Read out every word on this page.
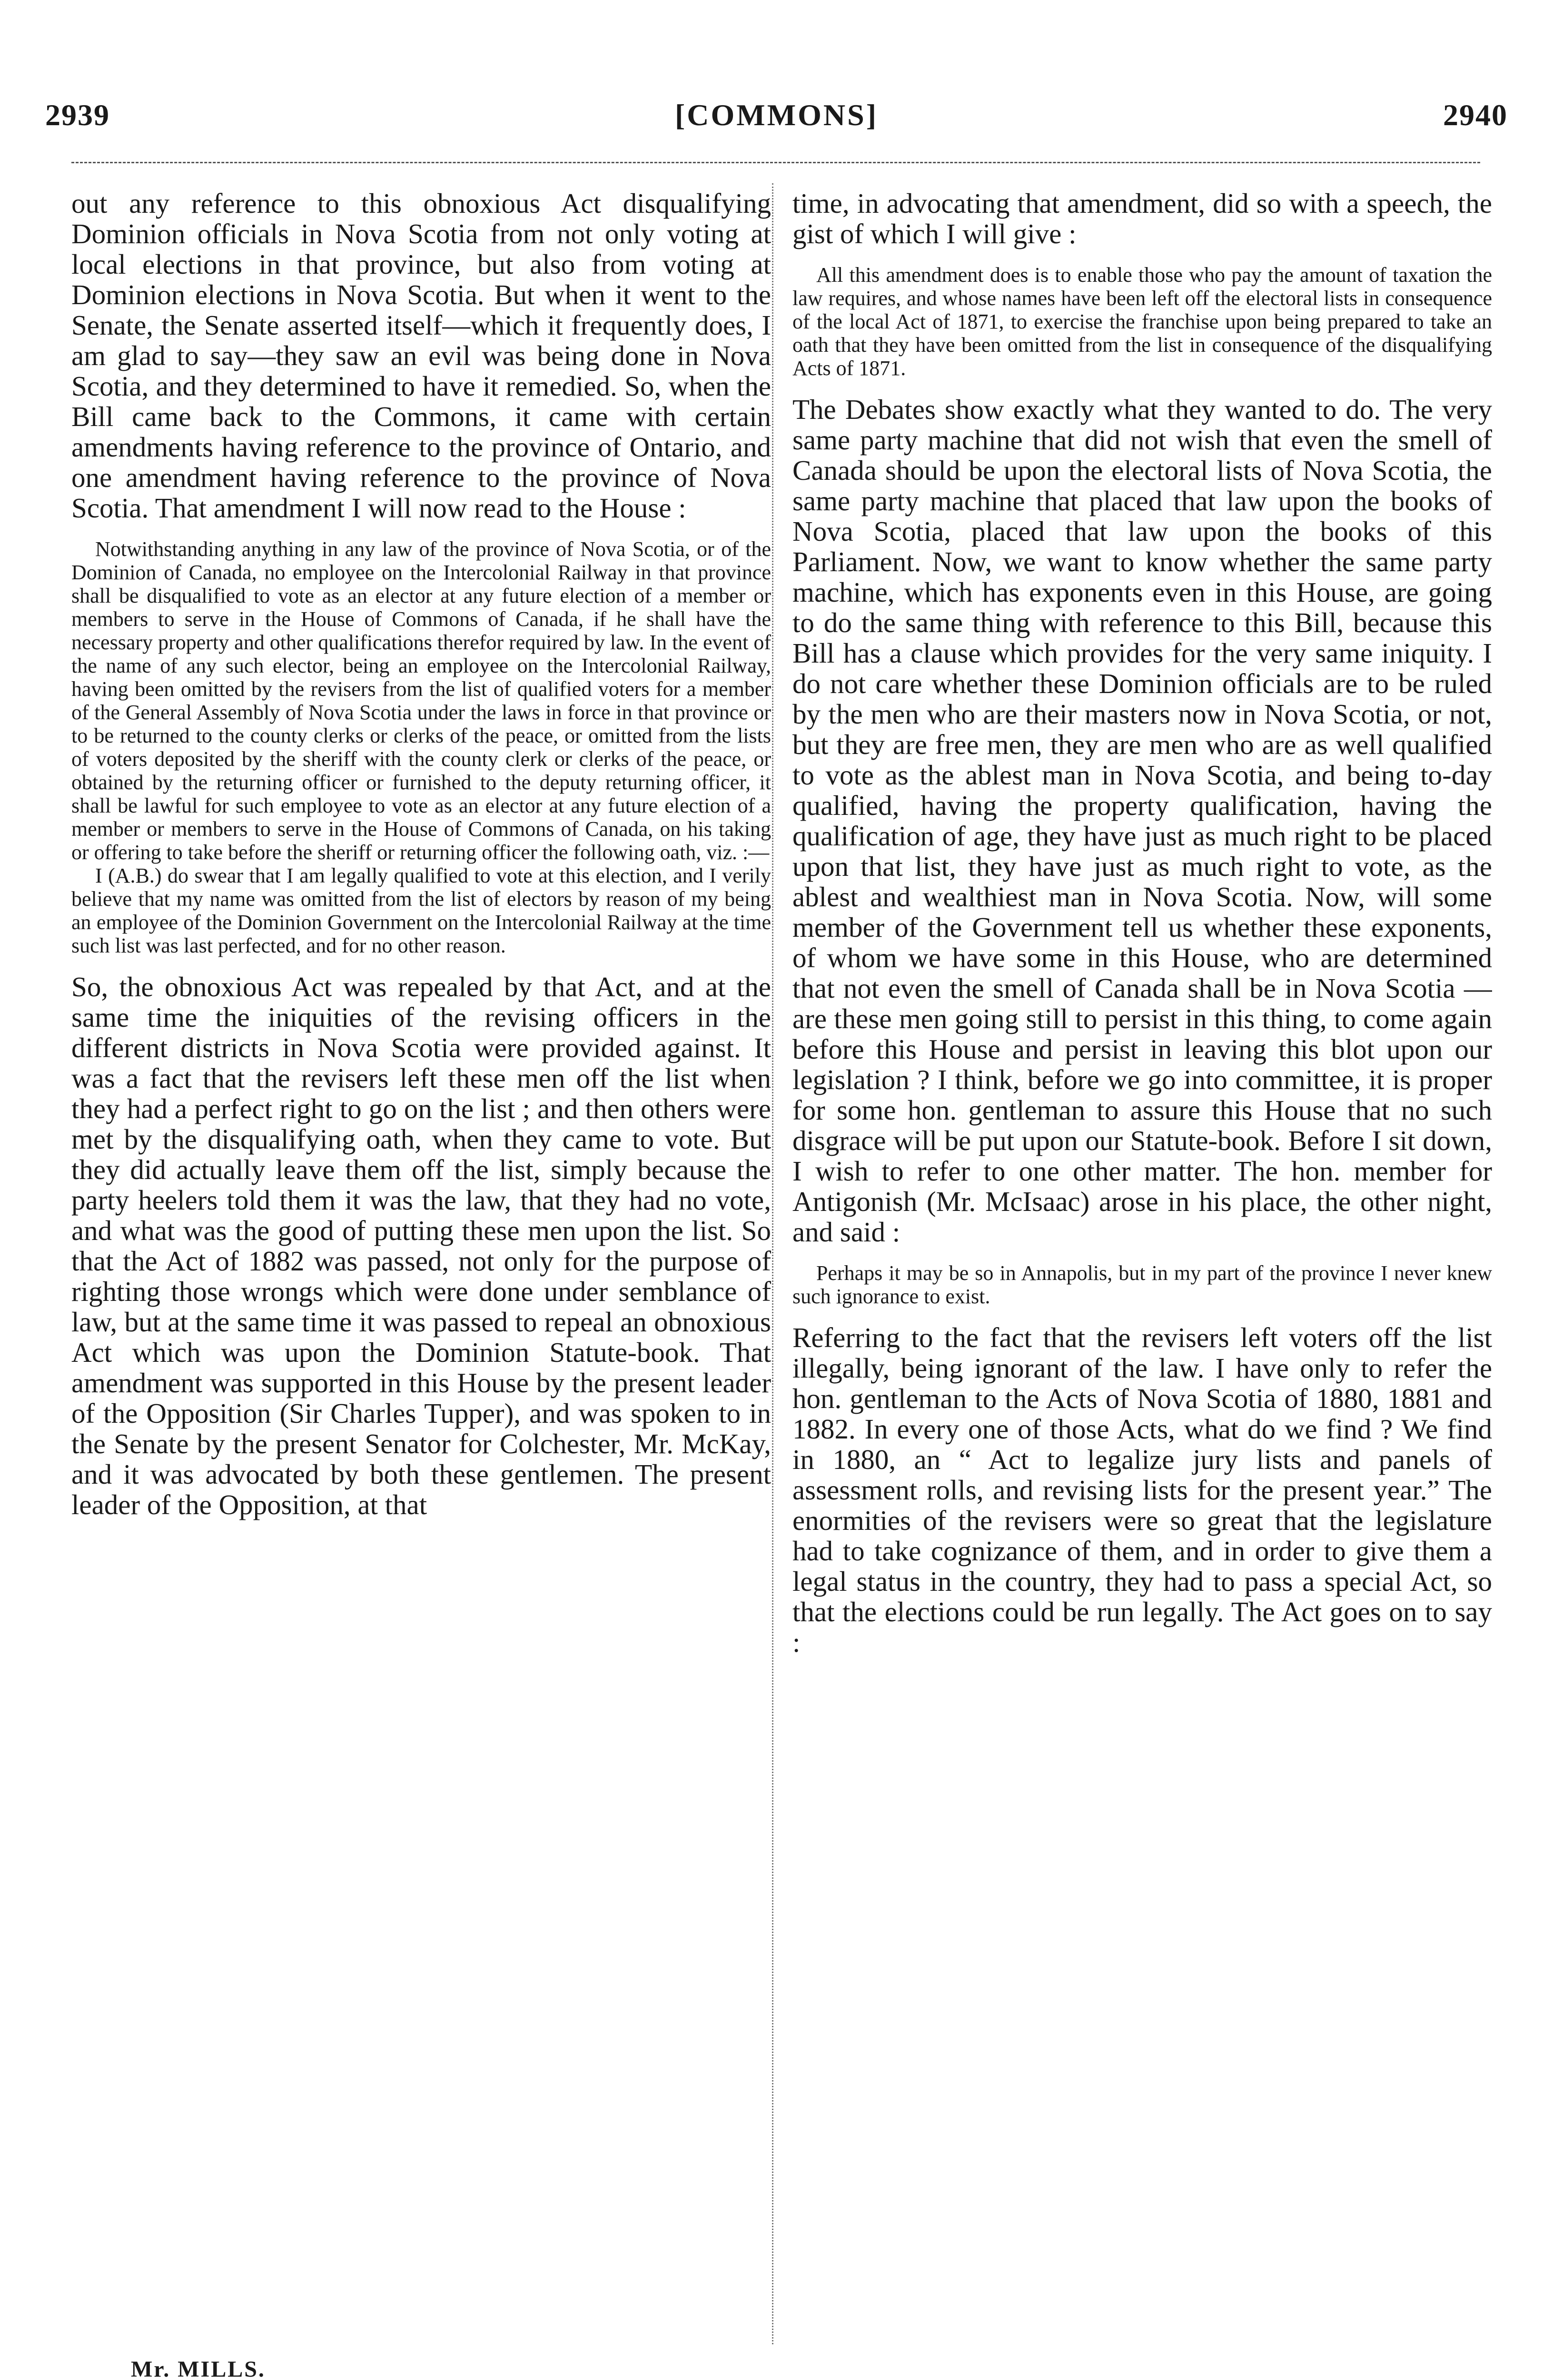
2939	[COMMONS]	2940

out any reference to this obnoxious Act disqualifying Dominion officials in Nova Scotia from not only voting at local elections in that province, but also from voting at Dominion elections in Nova Scotia. But when it went to the Senate, the Senate asserted itself—which it frequently does, I am glad to say—they saw an evil was being done in Nova Scotia, and they determined to have it remedied. So, when the Bill came back to the Commons, it came with certain amendments having reference to the province of Ontario, and one amendment having reference to the province of Nova Scotia. That amendment I will now read to the House :

Notwithstanding anything in any law of the province of Nova Scotia, or of the Dominion of Canada, no employee on the Intercolonial Railway in that province shall be disqualified to vote as an elector at any future election of a member or members to serve in the House of Commons of Canada, if he shall have the necessary property and other qualifications therefor required by law. In the event of the name of any such elector, being an employee on the Intercolonial Railway, having been omitted by the revisers from the list of qualified voters for a member of the General Assembly of Nova Scotia under the laws in force in that province or to be returned to the county clerks or clerks of the peace, or omitted from the lists of voters deposited by the sheriff with the county clerk or clerks of the peace, or obtained by the returning officer or furnished to the deputy returning officer, it shall be lawful for such employee to vote as an elector at any future election of a member or members to serve in the House of Commons of Canada, on his taking or offering to take before the sheriff or returning officer the following oath, viz. :—

I (A.B.) do swear that I am legally qualified to vote at this election, and I verily believe that my name was omitted from the list of electors by reason of my being an employee of the Dominion Government on the Intercolonial Railway at the time such list was last perfected, and for no other reason.

So, the obnoxious Act was repealed by that Act, and at the same time the iniquities of the revising officers in the different districts in Nova Scotia were provided against. It was a fact that the revisers left these men off the list when they had a perfect right to go on the list ; and then others were met by the disqualifying oath, when they came to vote. But they did actually leave them off the list, simply because the party heelers told them it was the law, that they had no vote, and what was the good of putting these men upon the list. So that the Act of 1882 was passed, not only for the purpose of righting those wrongs which were done under semblance of law, but at the same time it was passed to repeal an obnoxious Act which was upon the Dominion Statute-book. That amendment was supported in this House by the present leader of the Opposition (Sir Charles Tupper), and was spoken to in the Senate by the present Senator for Colchester, Mr. McKay, and it was advocated by both these gentlemen. The present leader of the Opposition, at that

time, in advocating that amendment, did so with a speech, the gist of which I will give :

All this amendment does is to enable those who pay the amount of taxation the law requires, and whose names have been left off the electoral lists in consequence of the local Act of 1871, to exercise the franchise upon being prepared to take an oath that they have been omitted from the list in consequence of the disqualifying Acts of 1871.

The Debates show exactly what they wanted to do. The very same party machine that did not wish that even the smell of Canada should be upon the electoral lists of Nova Scotia, the same party machine that placed that law upon the books of Nova Scotia, placed that law upon the books of this Parliament. Now, we want to know whether the same party machine, which has exponents even in this House, are going to do the same thing with reference to this Bill, because this Bill has a clause which provides for the very same iniquity. I do not care whether these Dominion officials are to be ruled by the men who are their masters now in Nova Scotia, or not, but they are free men, they are men who are as well qualified to vote as the ablest man in Nova Scotia, and being to-day qualified, having the property qualification, having the qualification of age, they have just as much right to be placed upon that list, they have just as much right to vote, as the ablest and wealthiest man in Nova Scotia. Now, will some member of the Government tell us whether these exponents, of whom we have some in this House, who are determined that not even the smell of Canada shall be in Nova Scotia —are these men going still to persist in this thing, to come again before this House and persist in leaving this blot upon our legislation ? I think, before we go into committee, it is proper for some hon. gentleman to assure this House that no such disgrace will be put upon our Statute-book. Before I sit down, I wish to refer to one other matter. The hon. member for Antigonish (Mr. McIsaac) arose in his place, the other night, and said :

Perhaps it may be so in Annapolis, but in my part of the province I never knew such ignorance to exist.

Referring to the fact that the revisers left voters off the list illegally, being ignorant of the law. I have only to refer the hon. gentleman to the Acts of Nova Scotia of 1880, 1881 and 1882. In every one of those Acts, what do we find ? We find in 1880, an “ Act to legalize jury lists and panels of assessment rolls, and revising lists for the present year.” The enormities of the revisers were so great that the legislature had to take cognizance of them, and in order to give them a legal status in the country, they had to pass a special Act, so that the elections could be run legally. The Act goes on to say :

Mr. MILLS.
